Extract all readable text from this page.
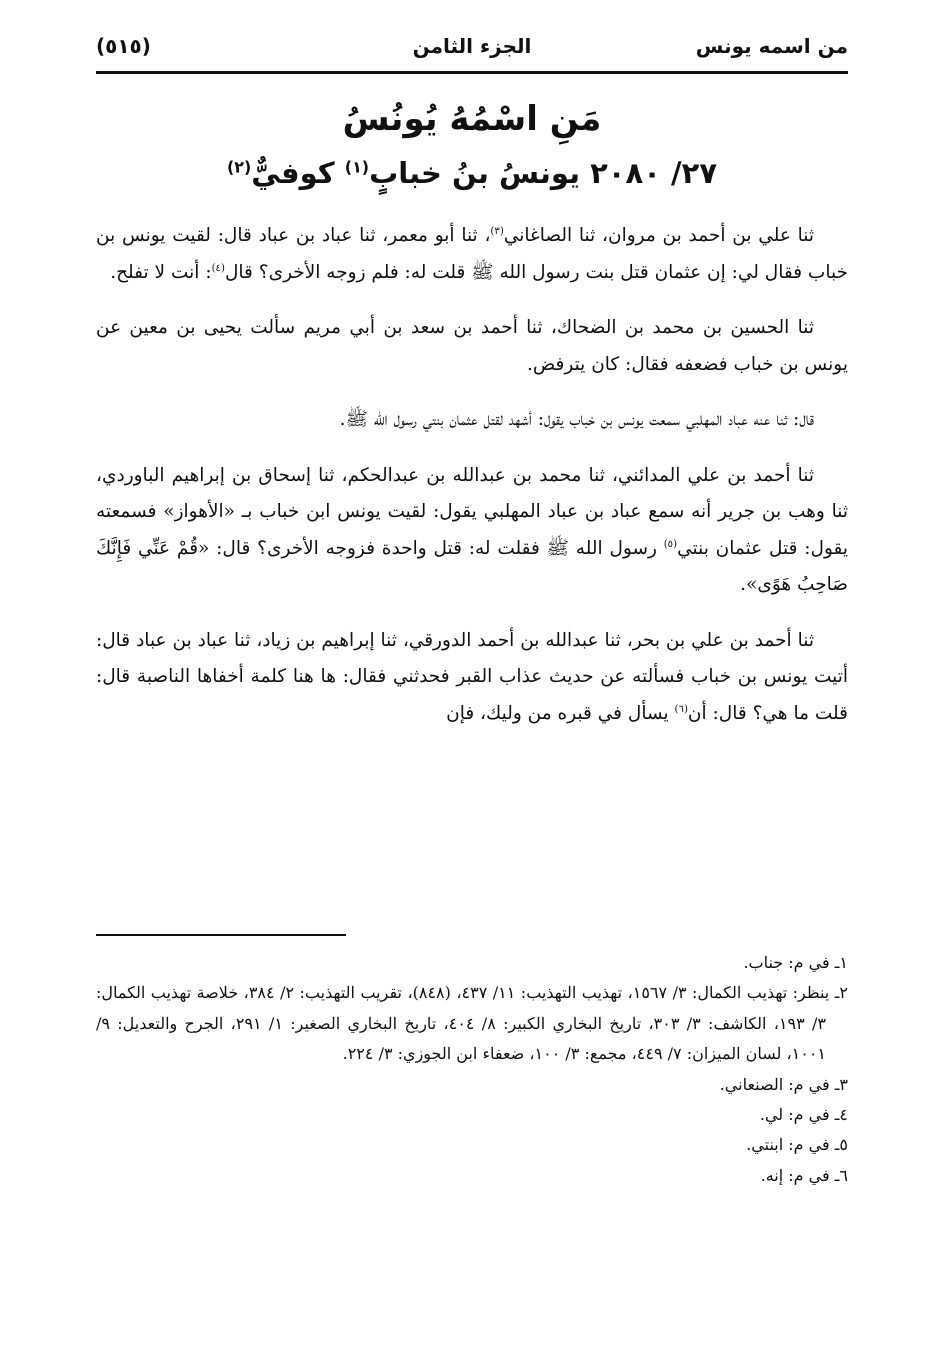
من اسمه يونس
الجزء الثامن
(٥١٥)
مَنِ اسْمُهُ يُونُسُ
٢٧/ ٢٠٨٠ يونسُ بنُ خبابٍ$^{(١)}$ كوفيٌّ$^{(٢)}$

ثنا علي بن أحمد بن مروان، ثنا الصاغاني$^{(٣)}$، ثنا أبو معمر، ثنا عباد بن عباد قال: لقيت يونس بن خباب فقال لي: إن عثمان قتل بنت رسول الله ﷺ قلت له: فلم زوجه الأخرى؟ قال$^{(٤)}$: أنت لا تفلح.

ثنا الحسين بن محمد بن الضحاك، ثنا أحمد بن سعد بن أبي مريم سألت يحيى بن معين عن يونس بن خباب فضعفه فقال: كان يترفض.

قال: ثنا عنه عباد المهلبي سمعت يونس بن خباب يقول: أشهد لقتل عثمان بنتي رسول الله ﷺ.

ثنا أحمد بن علي المدائني، ثنا محمد بن عبدالله بن عبدالحكم، ثنا إسحاق بن إبراهيم الباوردي، ثنا وهب بن جرير أنه سمع عباد بن عباد المهلبي يقول: لقيت يونس ابن خباب بـ «الأهواز» فسمعته يقول: قتل عثمان بنتي$^{(٥)}$ رسول الله ﷺ فقلت له: قتل واحدة فزوجه الأخرى؟ قال: «قُمْ عَنِّي فَإِنَّكَ صَاحِبُ هَوًى».

ثنا أحمد بن علي بن بحر، ثنا عبدالله بن أحمد الدورقي، ثنا إبراهيم بن زياد، ثنا عباد بن عباد قال: أتيت يونس بن خباب فسألته عن حديث عذاب القبر فحدثني فقال: ها هنا كلمة أخفاها الناصبة قال: قلت ما هي؟ قال: أن$^{(٦)}$ يسأل في قبره من وليك، فإن

١ـ في م: جناب.

٢ـ ينظر: تهذيب الكمال: ٣/ ١٥٦٧، تهذيب التهذيب: ١١/ ٤٣٧، (٨٤٨)، تقريب التهذيب: ٢/ ٣٨٤، خلاصة تهذيب الكمال: ٣/ ١٩٣، الكاشف: ٣/ ٣٠٣، تاريخ البخاري الكبير: ٨/ ٤٠٤، تاريخ البخاري الصغير: ١/ ٢٩١، الجرح والتعديل: ٩/ ١٠٠١، لسان الميزان: ٧/ ٤٤٩، مجمع: ٣/ ١٠٠، ضعفاء ابن الجوزي: ٣/ ٢٢٤.

٣ـ في م: الصنعاني.

٤ـ في م: لي.

٥ـ في م: ابنتي.

٦ـ في م: إنه.
